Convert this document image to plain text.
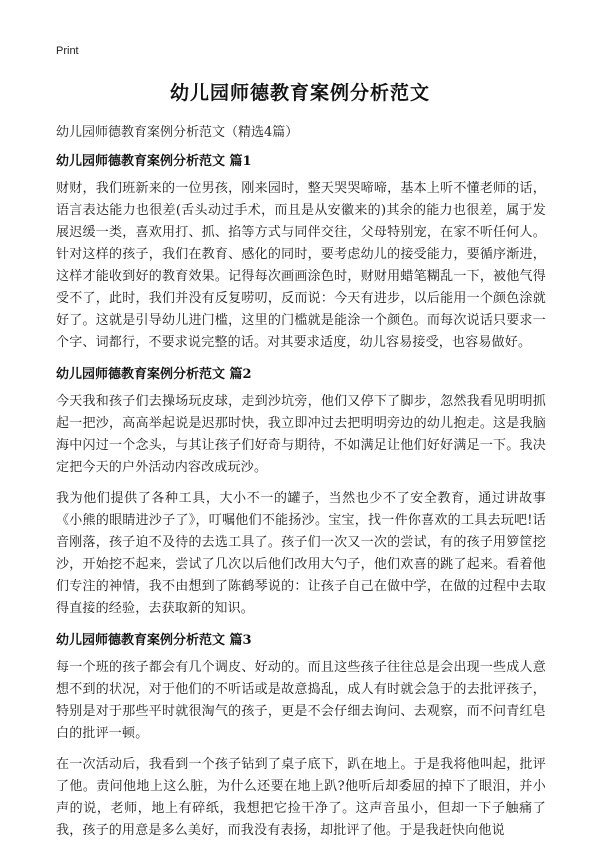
Print
幼儿园师德教育案例分析范文
幼儿园师德教育案例分析范文（精选4篇）
幼儿园师德教育案例分析范文 篇1

财财，我们班新来的一位男孩，刚来园时，整天哭哭啼啼，基本上听不懂老师的话，语言表达能力也很差(舌头动过手术，而且是从安徽来的)其余的能力也很差，属于发展迟缓一类，喜欢用打、抓、掐等方式与同伴交往，父母特别宠，在家不听任何人。针对这样的孩子，我们在教育、感化的同时，要考虑幼儿的接受能力，要循序渐进，这样才能收到好的教育效果。记得每次画画涂色时，财财用蜡笔糊乱一下，被他气得受不了，此时，我们并没有反复唠叨，反而说：今天有进步，以后能用一个颜色涂就好了。这就是引导幼儿进门槛，这里的门槛就是能涂一个颜色。而每次说话只要求一个字、词都行，不要求说完整的话。对其要求适度，幼儿容易接受，也容易做好。

幼儿园师德教育案例分析范文 篇2

今天我和孩子们去操场玩皮球，走到沙坑旁，他们又停下了脚步，忽然我看见明明抓起一把沙，高高举起说是迟那时快，我立即冲过去把明明旁边的幼儿抱走。这是我脑海中闪过一个念头，与其让孩子们好奇与期待，不如满足让他们好好满足一下。我决定把今天的户外活动内容改成玩沙。

我为他们提供了各种工具，大小不一的罐子，当然也少不了安全教育，通过讲故事《小熊的眼睛进沙子了》，叮嘱他们不能扬沙。宝宝，找一件你喜欢的工具去玩吧!话音刚落，孩子迫不及待的去选工具了。孩子们一次又一次的尝试，有的孩子用箩筐挖沙，开始挖不起来，尝试了几次以后他们改用大勺子，他们欢喜的跳了起来。看着他们专注的神情，我不由想到了陈鹤琴说的：让孩子自己在做中学，在做的过程中去取得直接的经验，去获取新的知识。

幼儿园师德教育案例分析范文 篇3

每一个班的孩子都会有几个调皮、好动的。而且这些孩子往往总是会出现一些成人意想不到的状况，对于他们的不听话或是故意捣乱，成人有时就会急于的去批评孩子，特别是对于那些平时就很淘气的孩子，更是不会仔细去询问、去观察，而不问青红皂白的批评一顿。

在一次活动后，我看到一个孩子钻到了桌子底下，趴在地上。于是我将他叫起，批评了他。责问他地上这么脏，为什么还要在地上趴?他听后却委屈的掉下了眼泪，并小声的说，老师，地上有碎纸，我想把它捡干净了。这声音虽小，但却一下子触痛了我，孩子的用意是多么美好，而我没有表扬，却批评了他。于是我赶快向他说
